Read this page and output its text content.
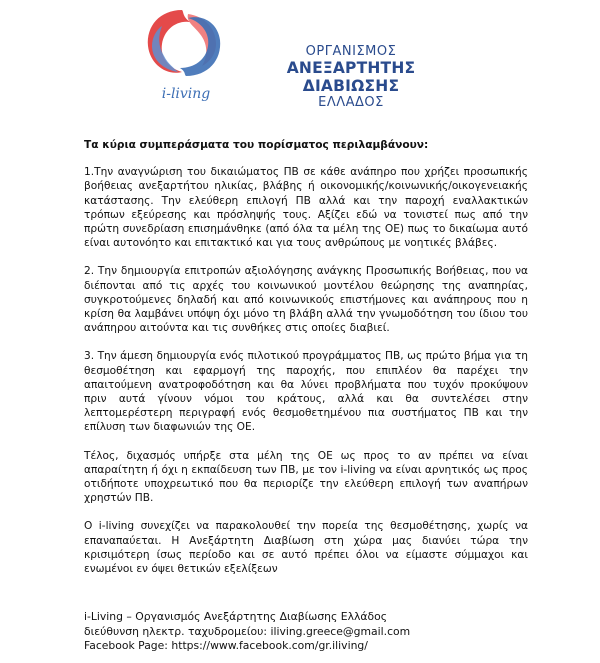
i-living
ΟΡΓΑΝΙΣΜΟΣ
ΑΝΕΞΑΡΤΗΤΗΣ ΔΙΑΒΙΩΣΗΣ
ΕΛΛΑΔΟΣ

Τα κύρια συμπεράσματα του πορίσματος περιλαμβάνουν:

1.Την αναγνώριση του δικαιώματος ΠΒ σε κάθε ανάπηρο που χρήζει προσωπικής βοήθειας ανεξαρτήτου ηλικίας, βλάβης ή οικονομικής/κοινωνικής/οικογενειακής κατάστασης. Την ελεύθερη επιλογή ΠΒ αλλά και την παροχή εναλλακτικών τρόπων εξεύρεσης και πρόσληψής τους. Αξίζει εδώ να τονιστεί πως από την πρώτη συνεδρίαση επισημάνθηκε (από όλα τα μέλη της ΟΕ) πως το δικαίωμα αυτό είναι αυτονόητο και επιτακτικό και για τους ανθρώπους με νοητικές βλάβες.

2. Την δημιουργία επιτροπών αξιολόγησης ανάγκης Προσωπικής Βοήθειας, που να διέπονται από τις αρχές του κοινωνικού μοντέλου θεώρησης της αναπηρίας, συγκροτούμενες δηλαδή και από κοινωνικούς επιστήμονες και ανάπηρους που η κρίση θα λαμβάνει υπόψη όχι μόνο τη βλάβη αλλά την γνωμοδότηση του ίδιου του ανάπηρου αιτούντα και τις συνθήκες στις οποίες διαβιεί.

3. Την άμεση δημιουργία ενός πιλοτικού προγράμματος ΠΒ, ως πρώτο βήμα για τη θεσμοθέτηση και εφαρμογή της παροχής, που επιπλέον θα παρέχει την απαιτούμενη ανατροφοδότηση και θα λύνει προβλήματα που τυχόν προκύψουν πριν αυτά γίνουν νόμοι του κράτους, αλλά και θα συντελέσει στην λεπτομερέστερη περιγραφή ενός θεσμοθετημένου πια συστήματος ΠΒ και την επίλυση των διαφωνιών της ΟΕ.

Τέλος, διχασμός υπήρξε στα μέλη της ΟΕ ως προς το αν πρέπει να είναι απαραίτητη ή όχι η εκπαίδευση των ΠΒ, με τον i-living να είναι αρνητικός ως προς οτιδήποτε υποχρεωτικό που θα περιορίζε την ελεύθερη επιλογή των αναπήρων χρηστών ΠΒ.

Ο i-living συνεχίζει να παρακολουθεί την πορεία της θεσμοθέτησης, χωρίς να επαναπαύεται. Η Ανεξάρτητη Διαβίωση στη χώρα μας διανύει τώρα την κρισιμότερη ίσως περίοδο και σε αυτό πρέπει όλοι να είμαστε σύμμαχοι και ενωμένοι εν όψει θετικών εξελίξεων

i-Living – Οργανισμός Ανεξάρτητης Διαβίωσης Ελλάδος
διεύθυνση ηλεκτρ. ταχυδρομείου: iliving.greece@gmail.com
Facebook Page: https://www.facebook.com/gr.iliving/
